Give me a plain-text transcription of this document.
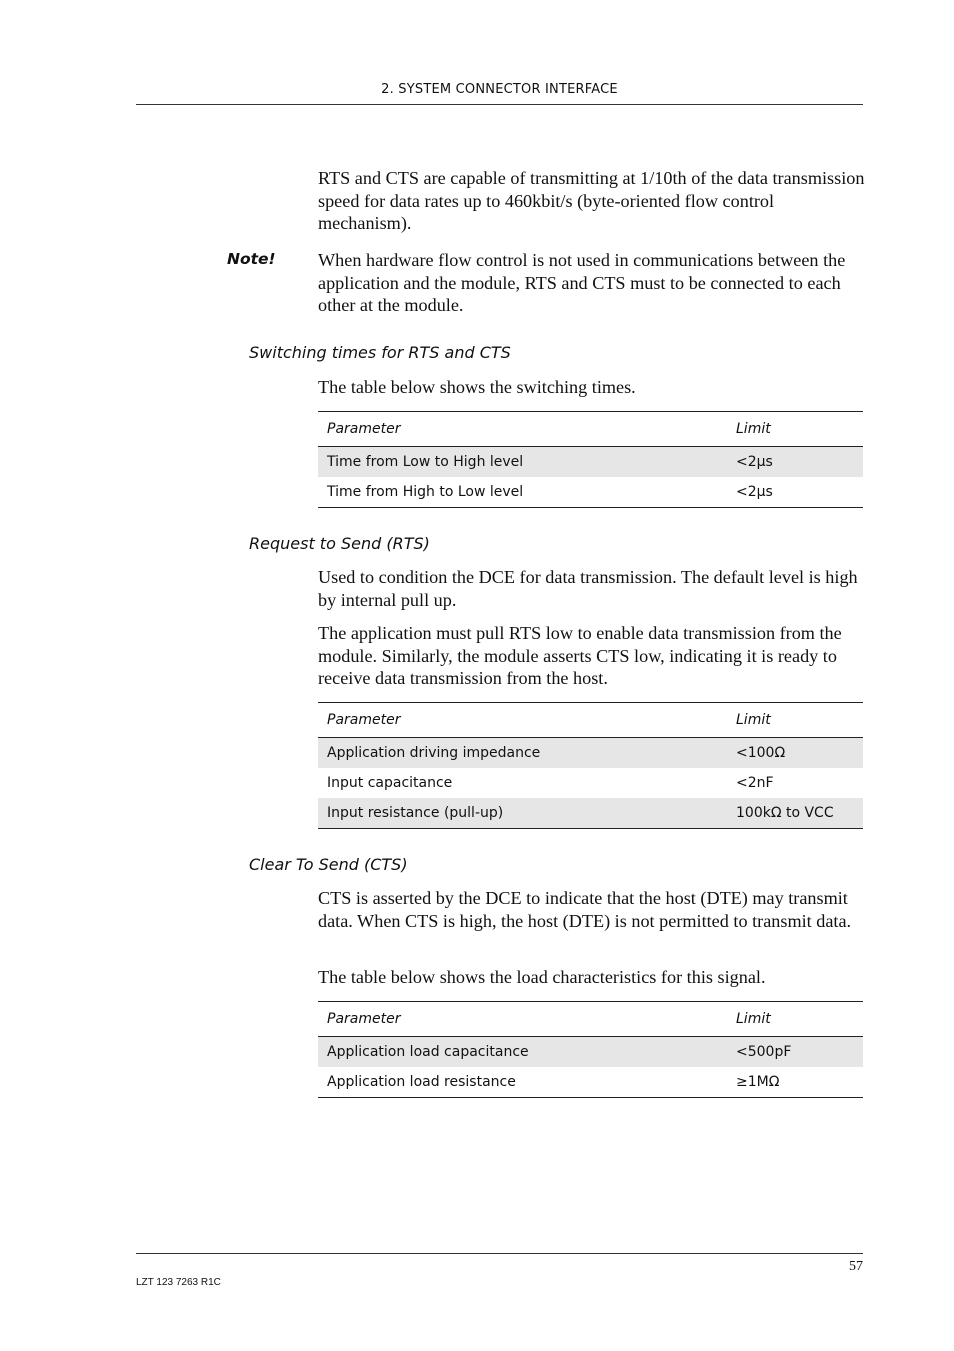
2. SYSTEM CONNECTOR INTERFACE

RTS and CTS are capable of transmitting at 1/10th of the data transmission speed for data rates up to 460kbit/s (byte-oriented flow control mechanism).

Note! When hardware flow control is not used in communications between the application and the module, RTS and CTS must to be connected to each other at the module.

Switching times for RTS and CTS

The table below shows the switching times.

Parameter	Limit
Time from Low to High level	<2µs
Time from High to Low level	<2µs
Request to Send (RTS)

Used to condition the DCE for data transmission. The default level is high by internal pull up.

The application must pull RTS low to enable data transmission from the module. Similarly, the module asserts CTS low, indicating it is ready to receive data transmission from the host.

Parameter	Limit
Application driving impedance	<100Ω
Input capacitance	<2nF
Input resistance (pull-up)	100kΩ to VCC
Clear To Send (CTS)

CTS is asserted by the DCE to indicate that the host (DTE) may transmit data. When CTS is high, the host (DTE) is not permitted to transmit data.

The table below shows the load characteristics for this signal.

Parameter	Limit
Application load capacitance	<500pF
Application load resistance	≥1MΩ
57
LZT 123 7263 R1C
